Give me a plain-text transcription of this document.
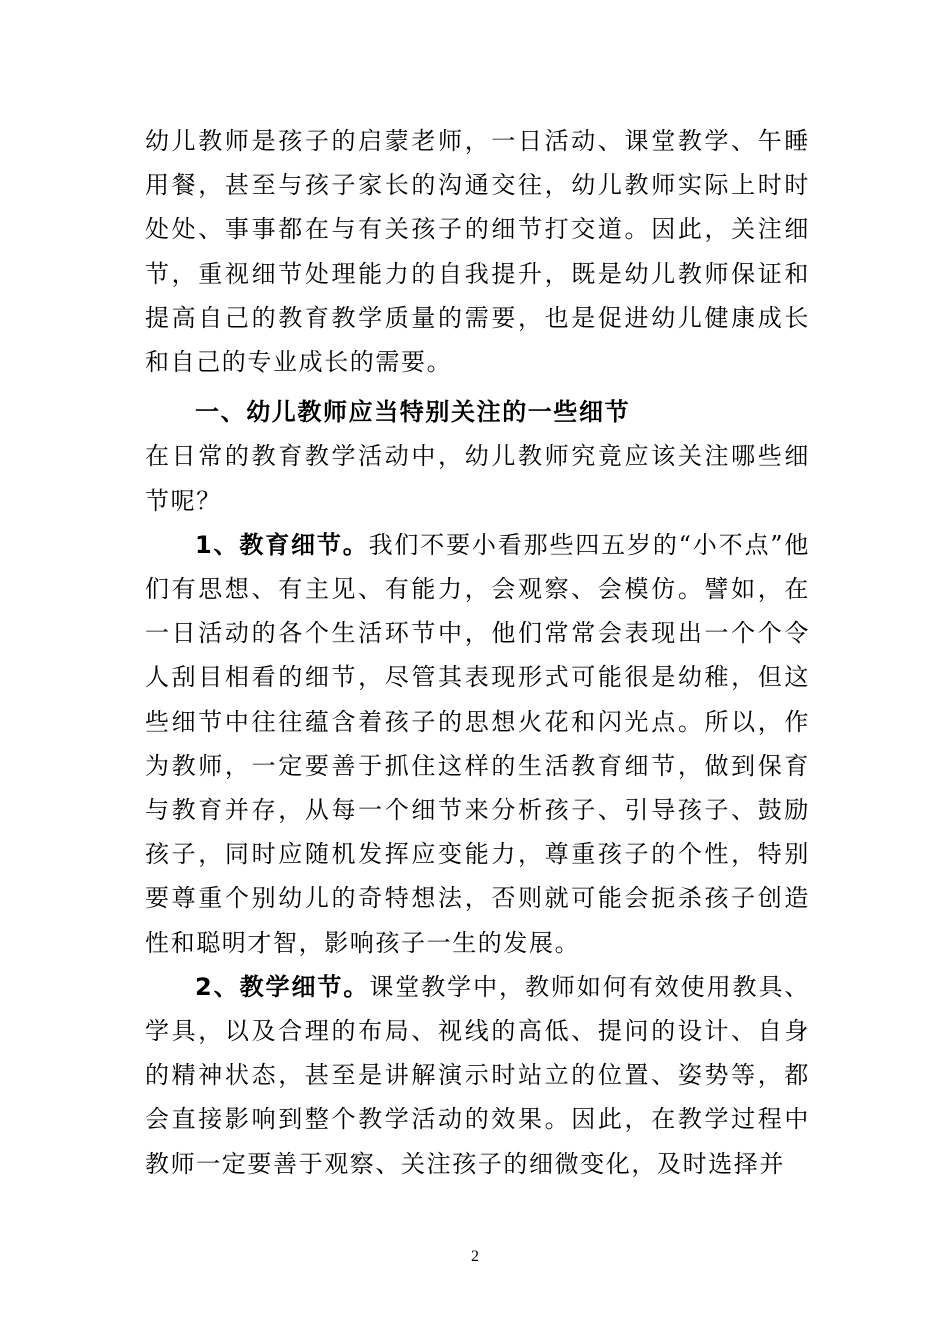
幼儿教师是孩子的启蒙老师，一日活动、课堂教学、午睡用餐，甚至与孩子家长的沟通交往，幼儿教师实际上时时处处、事事都在与有关孩子的细节打交道。因此，关注细节，重视细节处理能力的自我提升，既是幼儿教师保证和提高自己的教育教学质量的需要，也是促进幼儿健康成长和自己的专业成长的需要。

一、幼儿教师应当特别关注的一些细节

在日常的教育教学活动中，幼儿教师究竟应该关注哪些细节呢？

1、教育细节。我们不要小看那些四五岁的“小不点”他们有思想、有主见、有能力，会观察、会模仿。譬如，在一日活动的各个生活环节中，他们常常会表现出一个个令人刮目相看的细节，尽管其表现形式可能很是幼稚，但这些细节中往往蕴含着孩子的思想火花和闪光点。所以，作为教师，一定要善于抓住这样的生活教育细节，做到保育与教育并存，从每一个细节来分析孩子、引导孩子、鼓励孩子，同时应随机发挥应变能力，尊重孩子的个性，特别要尊重个别幼儿的奇特想法，否则就可能会扼杀孩子创造性和聪明才智，影响孩子一生的发展。

2、教学细节。课堂教学中，教师如何有效使用教具、学具，以及合理的布局、视线的高低、提问的设计、自身的精神状态，甚至是讲解演示时站立的位置、姿势等，都会直接影响到整个教学活动的效果。因此，在教学过程中教师一定要善于观察、关注孩子的细微变化，及时选择并

2
